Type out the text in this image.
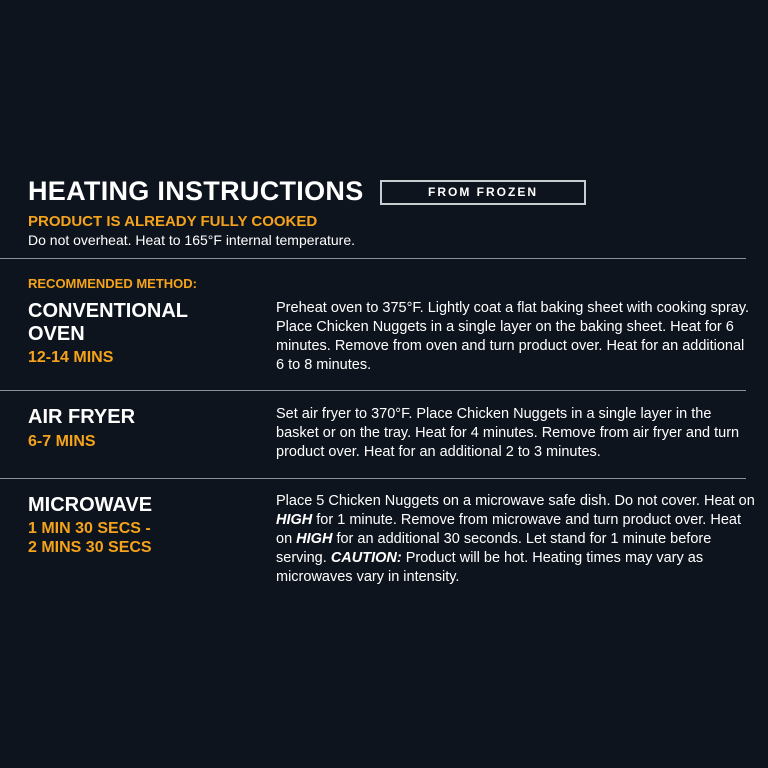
HEATING INSTRUCTIONS	FROM FROZEN
PRODUCT IS ALREADY FULLY COOKED
Do not overheat. Heat to 165°F internal temperature.
RECOMMENDED METHOD:
CONVENTIONAL
OVEN
12-14 MINS
Preheat oven to 375°F. Lightly coat a flat baking sheet with cooking spray. Place Chicken Nuggets in a single layer on the baking sheet. Heat for 6 minutes. Remove from oven and turn product over. Heat for an additional 6 to 8 minutes.
AIR FRYER
6-7 MINS
Set air fryer to 370°F. Place Chicken Nuggets in a single layer in the basket or on the tray. Heat for 4 minutes. Remove from air fryer and turn product over. Heat for an additional 2 to 3 minutes.
MICROWAVE
1 MIN 30 SECS -
2 MINS 30 SECS
Place 5 Chicken Nuggets on a microwave safe dish. Do not cover. Heat on HIGH for 1 minute. Remove from microwave and turn product over. Heat on HIGH for an additional 30 seconds. Let stand for 1 minute before serving. CAUTION: Product will be hot. Heating times may vary as microwaves vary in intensity.
